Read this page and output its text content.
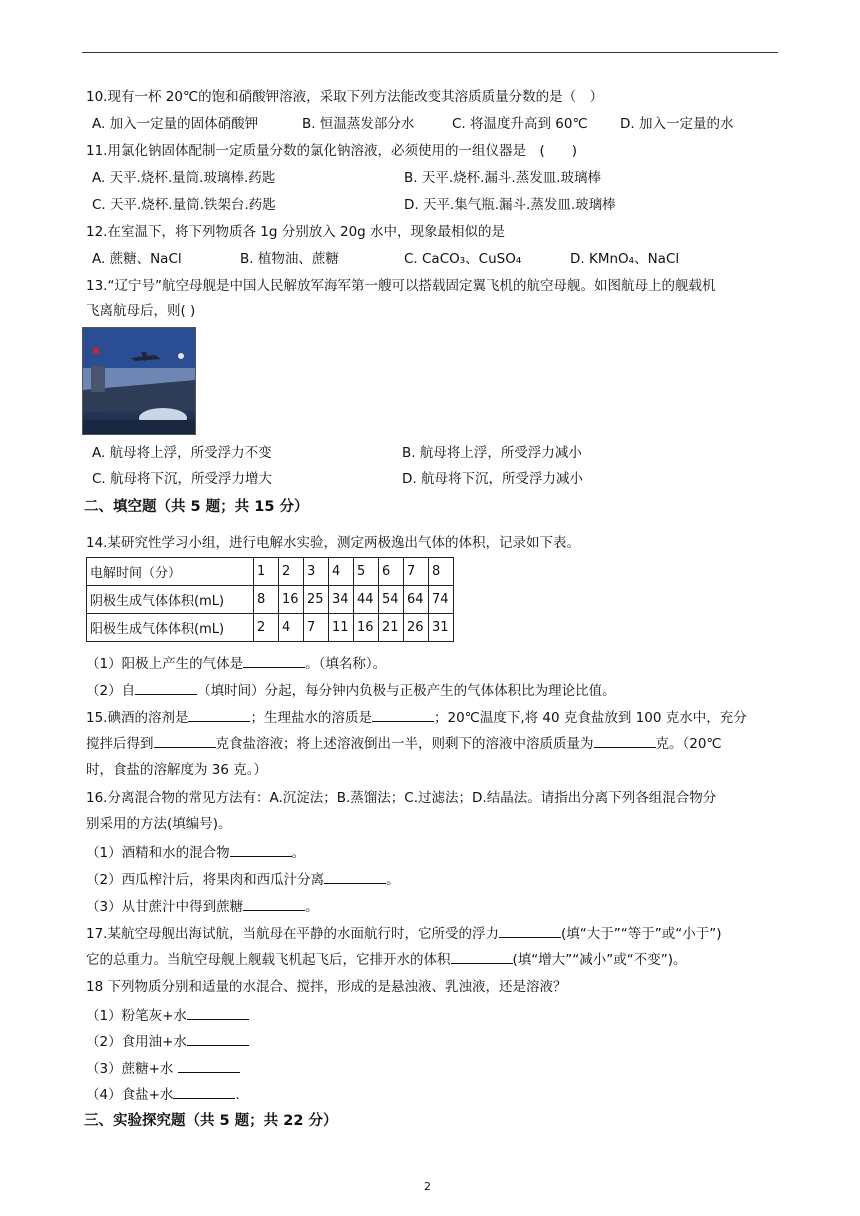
10.现有一杯 20℃的饱和硝酸钾溶液，采取下列方法能改变其溶质质量分数的是（　）
A. 加入一定量的固体硝酸钾	B. 恒温蒸发部分水	C. 将温度升高到 60℃ D. 加入一定量的水
11.用氯化钠固体配制一定质量分数的氯化钠溶液，必须使用的一组仪器是　(　　)
A. 天平.烧杯.量筒.玻璃棒.药匙	B. 天平.烧杯.漏斗.蒸发皿.玻璃棒
C. 天平.烧杯.量筒.铁架台.药匙	D. 天平.集气瓶.漏斗.蒸发皿.玻璃棒
12.在室温下，将下列物质各 1g 分别放入 20g 水中，现象最相似的是
A. 蔗糖、NaCl	B. 植物油、蔗糖	C. CaCO₃、CuSO₄	D. KMnO₄、NaCl
13.“辽宁号”航空母舰是中国人民解放军海军第一艘可以搭载固定翼飞机的航空母舰。如图航母上的舰载机
飞离航母后，则( )
A. 航母将上浮，所受浮力不变	B. 航母将上浮，所受浮力减小
C. 航母将下沉，所受浮力增大	D. 航母将下沉，所受浮力减小
二、填空题（共 5 题；共 15 分）
14.某研究性学习小组，进行电解水实验，测定两极逸出气体的体积，记录如下表。
电解时间（分）	1	2	3	4	5	6	7	8
阴极生成气体体积(mL)	8	16	25	34	44	54	64	74
阳极生成气体体积(mL)	2	4	7	11	16	21	26	31
（1）阳极上产生的气体是	。（填名称）。
（2）自	（填时间）分起，每分钟内负极与正极产生的气体体积比为理论比值。
15.碘酒的溶剂是	；生理盐水的溶质是	；20℃温度下,将 40 克食盐放到 100 克水中，充分
搅拌后得到	克食盐溶液；将上述溶液倒出一半，则剩下的溶液中溶质质量为	克。（20℃
时，食盐的溶解度为 36 克。）
16.分离混合物的常见方法有：A.沉淀法；B.蒸馏法；C.过滤法；D.结晶法。请指出分离下列各组混合物分
别采用的方法(填编号)。
（1）酒精和水的混合物	。
（2）西瓜榨汁后，将果肉和西瓜汁分离	。
（3）从甘蔗汁中得到蔗糖	。
17.某航空母舰出海试航，当航母在平静的水面航行时，它所受的浮力	(填“大于”“等于”或“小于”)
它的总重力。当航空母舰上舰载飞机起飞后，它排开水的体积	(填“增大”“减小”或“不变”)。
18 下列物质分别和适量的水混合、搅拌，形成的是悬浊液、乳浊液，还是溶液？
（1）粉笔灰+水
（2）食用油+水
（3）蔗糖+水
（4）食盐+水	.
三、实验探究题（共 5 题；共 22 分）
2
